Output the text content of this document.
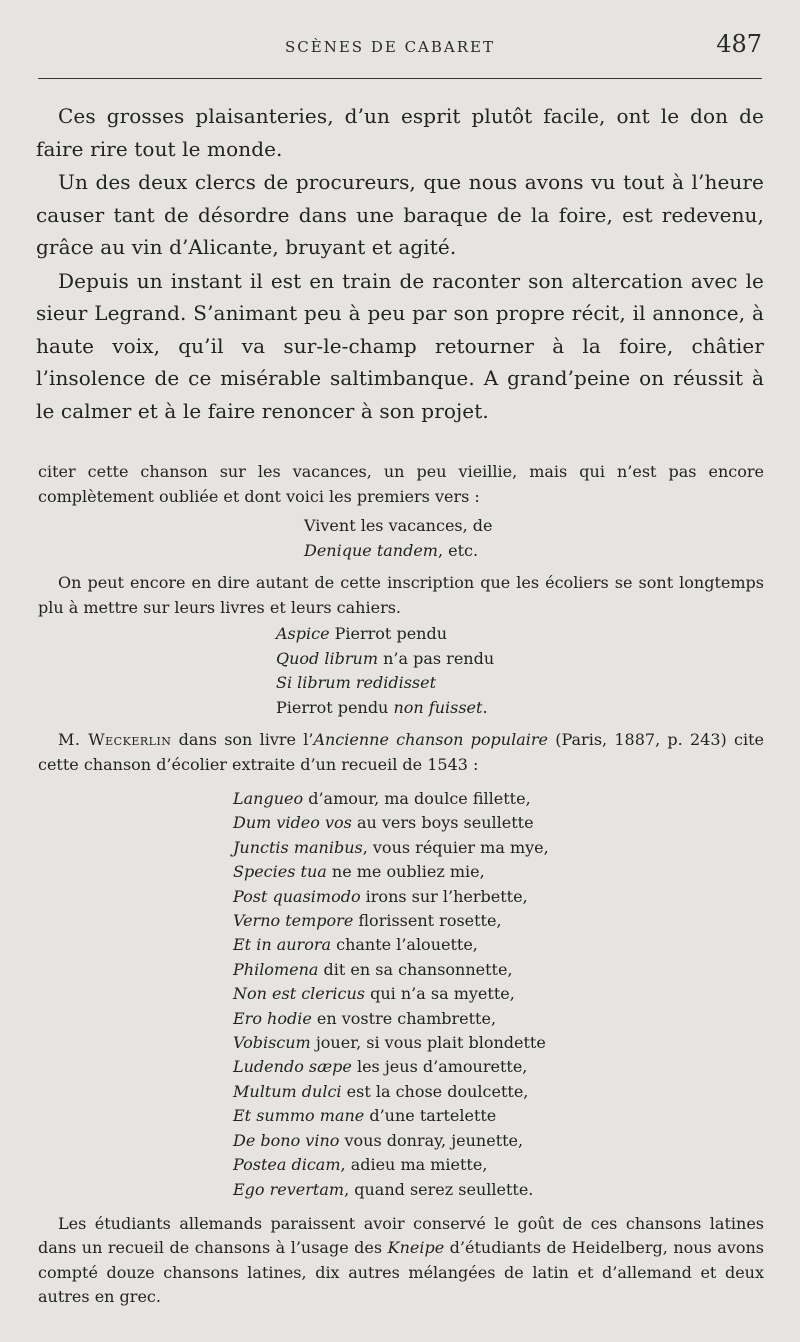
SCÈNES DE CABARET	487

Ces grosses plaisanteries, d’un esprit plutôt facile, ont le don de faire rire tout le monde.

Un des deux clercs de procureurs, que nous avons vu tout à l’heure causer tant de désordre dans une baraque de la foire, est redevenu, grâce au vin d’Alicante, bruyant et agité.

Depuis un instant il est en train de raconter son altercation avec le sieur Legrand. S’animant peu à peu par son propre récit, il annonce, à haute voix, qu’il va sur-le-champ retourner à la foire, châtier l’insolence de ce misérable saltimbanque. A grand’peine on réussit à le calmer et à le faire renoncer à son projet.

citer cette chanson sur les vacances, un peu vieillie, mais qui n’est pas encore complètement oubliée et dont voici les premiers vers :

Vivent les vacances, de
Denique tandem, etc.

On peut encore en dire autant de cette inscription que les écoliers se sont longtemps plu à mettre sur leurs livres et leurs cahiers.

Aspice Pierrot pendu
Quod librum n’a pas rendu
Si librum redidisset
Pierrot pendu non fuisset.

M. Weckerlin dans son livre l’Ancienne chanson populaire (Paris, 1887, p. 243) cite cette chanson d’écolier extraite d’un recueil de 1543 :

Langueo d’amour, ma doulce fillette,
Dum video vos au vers boys seullette
Junctis manibus, vous réquier ma mye,
Species tua ne me oubliez mie,
Post quasimodo irons sur l’herbette,
Verno tempore florissent rosette,
Et in aurora chante l’alouette,
Philomena dit en sa chansonnette,
Non est clericus qui n’a sa myette,
Ero hodie en vostre chambrette,
Vobiscum jouer, si vous plait blondette
Ludendo sæpe les jeus d’amourette,
Multum dulci est la chose doulcette,
Et summo mane d’une tartelette
De bono vino vous donray, jeunette,
Postea dicam, adieu ma miette,
Ego revertam, quand serez seullette.

Les étudiants allemands paraissent avoir conservé le goût de ces chansons latines dans un recueil de chansons à l’usage des Kneipe d’étudiants de Heidelberg, nous avons compté douze chansons latines, dix autres mélangées de latin et d’allemand et deux autres en grec.
